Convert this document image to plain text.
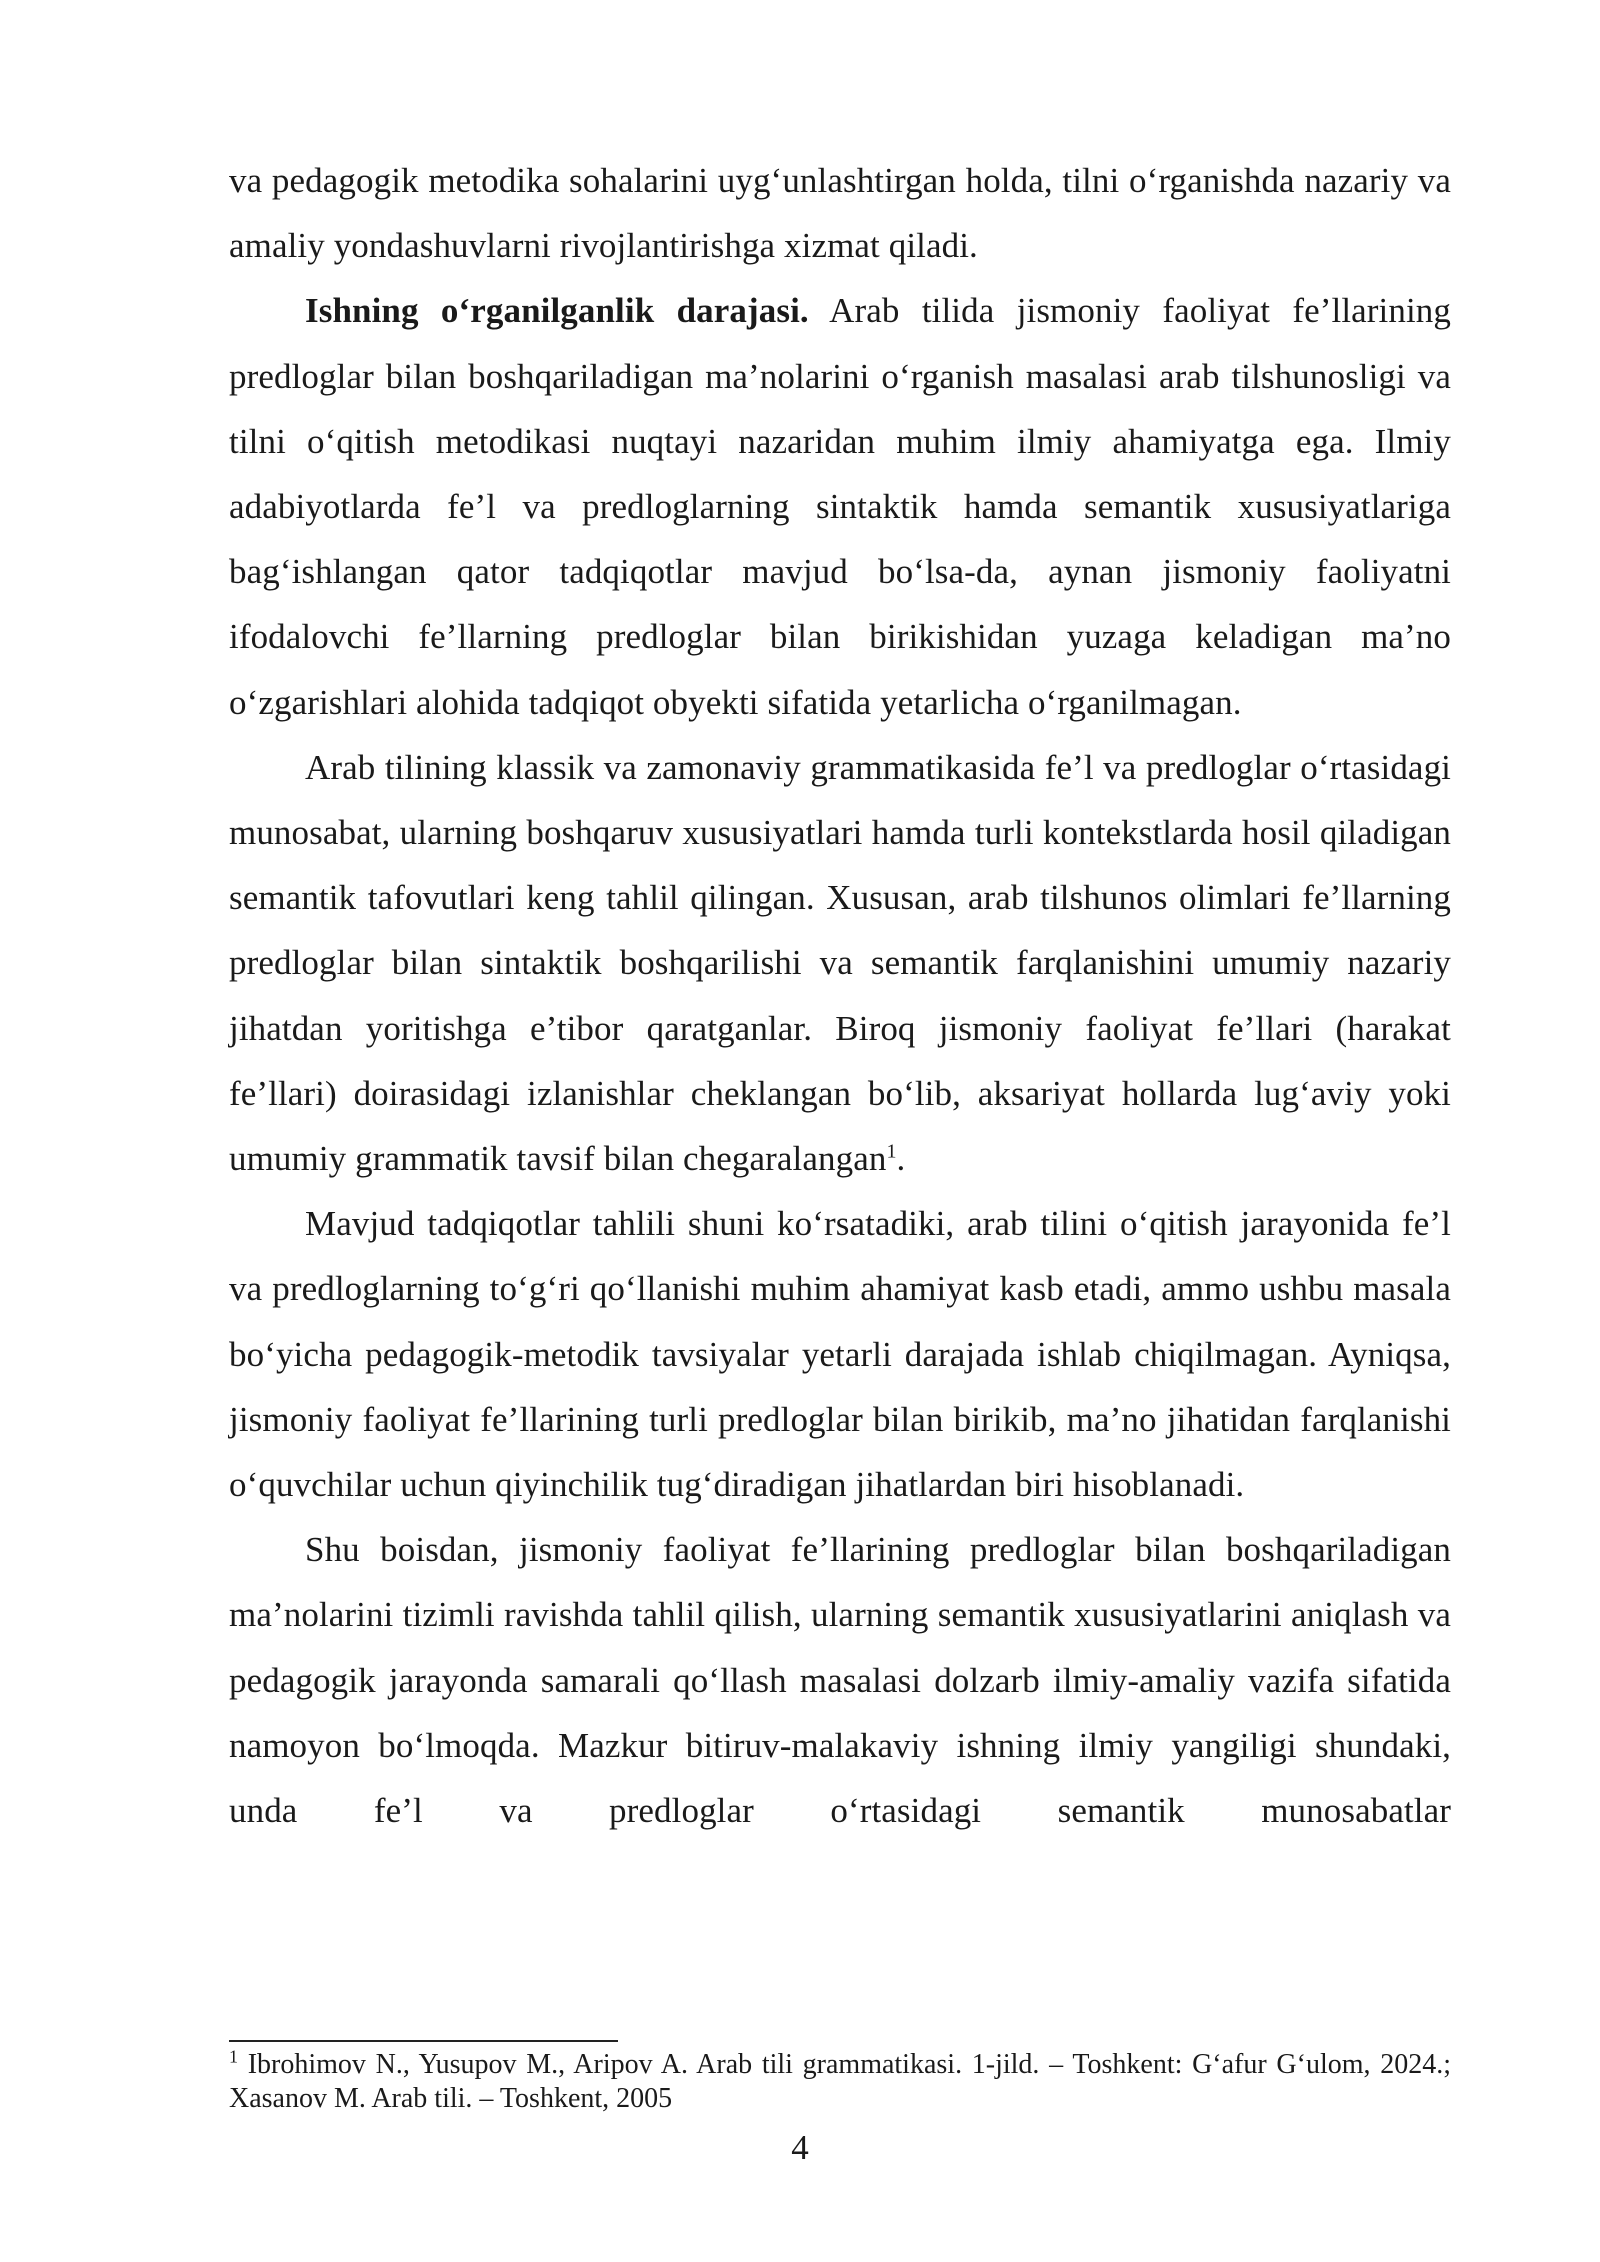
va pedagogik metodika sohalarini uyg‘unlashtirgan holda, tilni o‘rganishda nazariy va amaliy yondashuvlarni rivojlantirishga xizmat qiladi.

Ishning o‘rganilganlik darajasi. Arab tilida jismoniy faoliyat fe’llarining predloglar bilan boshqariladigan ma’nolarini o‘rganish masalasi arab tilshunosligi va tilni o‘qitish metodikasi nuqtayi nazaridan muhim ilmiy ahamiyatga ega. Ilmiy adabiyotlarda fe’l va predloglarning sintaktik hamda semantik xususiyatlariga bag‘ishlangan qator tadqiqotlar mavjud bo‘lsa-da, aynan jismoniy faoliyatni ifodalovchi fe’llarning predloglar bilan birikishidan yuzaga keladigan ma’no o‘zgarishlari alohida tadqiqot obyekti sifatida yetarlicha o‘rganilmagan.

Arab tilining klassik va zamonaviy grammatikasida fe’l va predloglar o‘rtasidagi munosabat, ularning boshqaruv xususiyatlari hamda turli kontekstlarda hosil qiladigan semantik tafovutlari keng tahlil qilingan. Xususan, arab tilshunos olimlari fe’llarning predloglar bilan sintaktik boshqarilishi va semantik farqlanishini umumiy nazariy jihatdan yoritishga e’tibor qaratganlar. Biroq jismoniy faoliyat fe’llari (harakat fe’llari) doirasidagi izlanishlar cheklangan bo‘lib, aksariyat hollarda lug‘aviy yoki umumiy grammatik tavsif bilan chegaralangan$^1$.

Mavjud tadqiqotlar tahlili shuni ko‘rsatadiki, arab tilini o‘qitish jarayonida fe’l va predloglarning to‘g‘ri qo‘llanishi muhim ahamiyat kasb etadi, ammo ushbu masala bo‘yicha pedagogik-metodik tavsiyalar yetarli darajada ishlab chiqilmagan. Ayniqsa, jismoniy faoliyat fe’llarining turli predloglar bilan birikib, ma’no jihatidan farqlanishi o‘quvchilar uchun qiyinchilik tug‘diradigan jihatlardan biri hisoblanadi.

Shu boisdan, jismoniy faoliyat fe’llarining predloglar bilan boshqariladigan ma’nolarini tizimli ravishda tahlil qilish, ularning semantik xususiyatlarini aniqlash va pedagogik jarayonda samarali qo‘llash masalasi dolzarb ilmiy-amaliy vazifa sifatida namoyon bo‘lmoqda. Mazkur bitiruv-malakaviy ishning ilmiy yangiligi shundaki, unda fe’l va predloglar o‘rtasidagi semantik munosabatlar

$^1$ Ibrohimov N., Yusupov M., Aripov A. Arab tili grammatikasi. 1-jild. – Toshkent: G‘afur G‘ulom, 2024.; Xasanov M. Arab tili. – Toshkent, 2005

4
